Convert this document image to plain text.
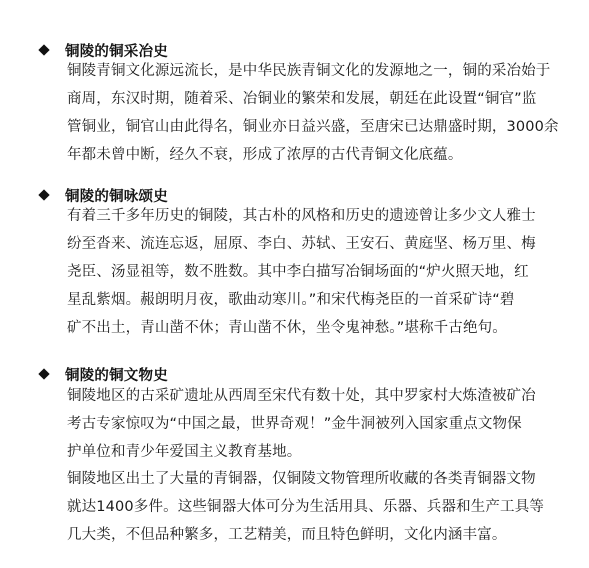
铜陵的铜采冶史
铜陵青铜文化源远流长，是中华民族青铜文化的发源地之一，铜的采冶始于
商周，东汉时期，随着采、冶铜业的繁荣和发展，朝廷在此设置“铜官”监
管铜业，铜官山由此得名，铜业亦日益兴盛，至唐宋已达鼎盛时期，3000余
年都未曾中断，经久不衰，形成了浓厚的古代青铜文化底蕴。
铜陵的铜咏颂史
有着三千多年历史的铜陵，其古朴的风格和历史的遗迹曾让多少文人雅士
纷至沓来、流连忘返，屈原、李白、苏轼、王安石、黄庭坚、杨万里、梅
尧臣、汤显祖等，数不胜数。其中李白描写冶铜场面的“炉火照天地，红
星乱紫烟。赧朗明月夜，歌曲动寒川。”和宋代梅尧臣的一首采矿诗“碧
矿不出土，青山凿不休；青山凿不休，坐令鬼神愁。”堪称千古绝句。
铜陵的铜文物史
铜陵地区的古采矿遗址从西周至宋代有数十处，其中罗家村大炼渣被矿冶
考古专家惊叹为“中国之最，世界奇观！”金牛洞被列入国家重点文物保
护单位和青少年爱国主义教育基地。
铜陵地区出土了大量的青铜器，仅铜陵文物管理所收藏的各类青铜器文物
就达1400多件。这些铜器大体可分为生活用具、乐器、兵器和生产工具等
几大类，不但品种繁多，工艺精美，而且特色鲜明，文化内涵丰富。
